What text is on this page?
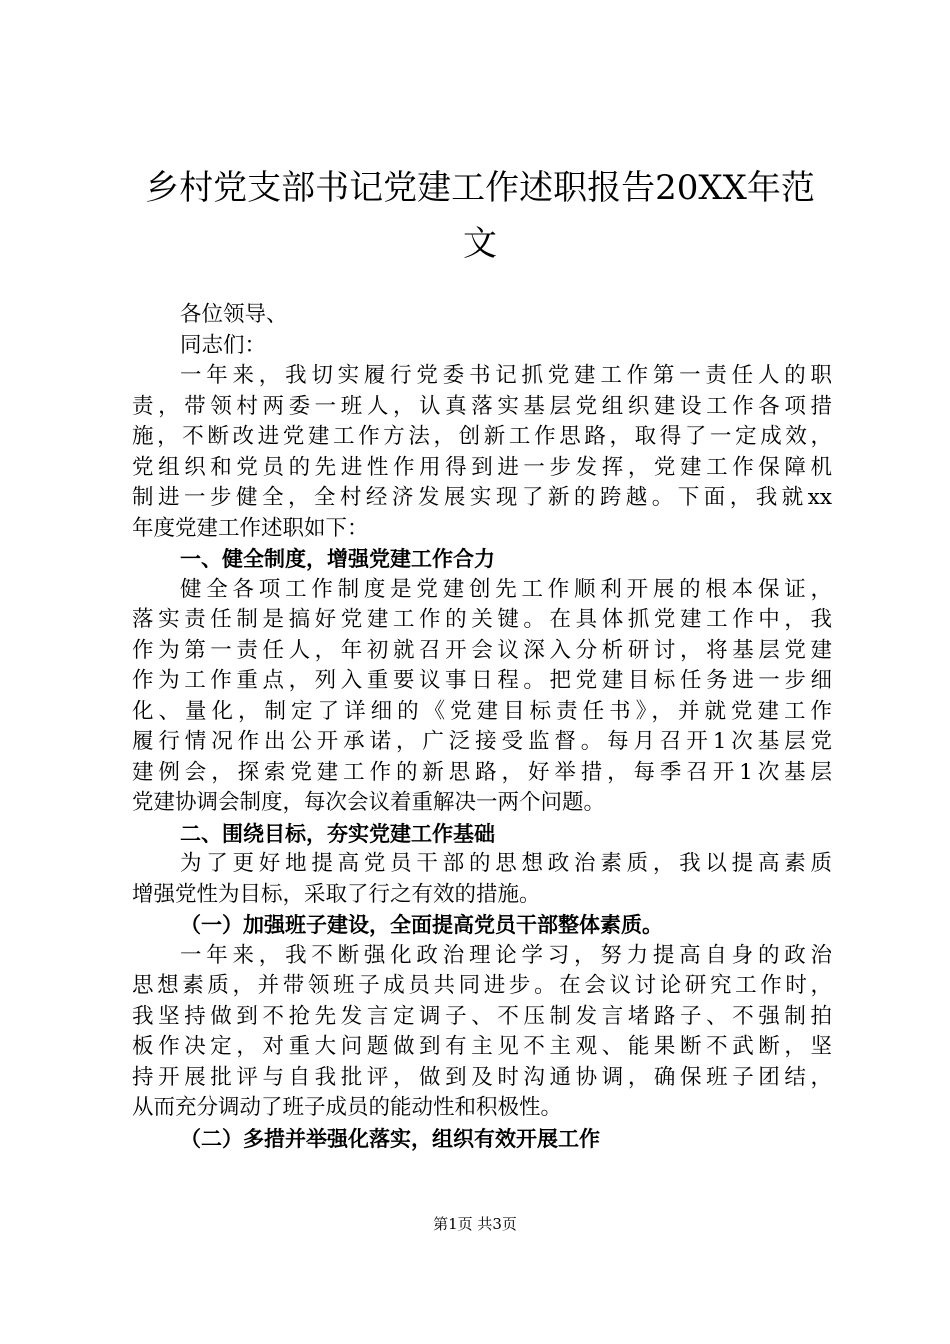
乡村党支部书记党建工作述职报告20XX年范文
各位领导、
同志们：
一年来，我切实履行党委书记抓党建工作第一责任人的职
责，带领村两委一班人，认真落实基层党组织建设工作各项措
施，不断改进党建工作方法，创新工作思路，取得了一定成效，
党组织和党员的先进性作用得到进一步发挥，党建工作保障机
制进一步健全，全村经济发展实现了新的跨越。下面，我就xx
年度党建工作述职如下：
一、健全制度，增强党建工作合力
健全各项工作制度是党建创先工作顺利开展的根本保证，
落实责任制是搞好党建工作的关键。在具体抓党建工作中，我
作为第一责任人，年初就召开会议深入分析研讨，将基层党建
作为工作重点，列入重要议事日程。把党建目标任务进一步细
化、量化，制定了详细的《党建目标责任书》，并就党建工作
履行情况作出公开承诺，广泛接受监督。每月召开1次基层党
建例会，探索党建工作的新思路，好举措，每季召开1次基层
党建协调会制度，每次会议着重解决一两个问题。
二、围绕目标，夯实党建工作基础
为了更好地提高党员干部的思想政治素质，我以提高素质
增强党性为目标，采取了行之有效的措施。
（一）加强班子建设，全面提高党员干部整体素质。
一年来，我不断强化政治理论学习，努力提高自身的政治
思想素质，并带领班子成员共同进步。在会议讨论研究工作时，
我坚持做到不抢先发言定调子、不压制发言堵路子、不强制拍
板作决定，对重大问题做到有主见不主观、能果断不武断，坚
持开展批评与自我批评，做到及时沟通协调，确保班子团结，
从而充分调动了班子成员的能动性和积极性。
（二）多措并举强化落实，组织有效开展工作
第1页 共3页
